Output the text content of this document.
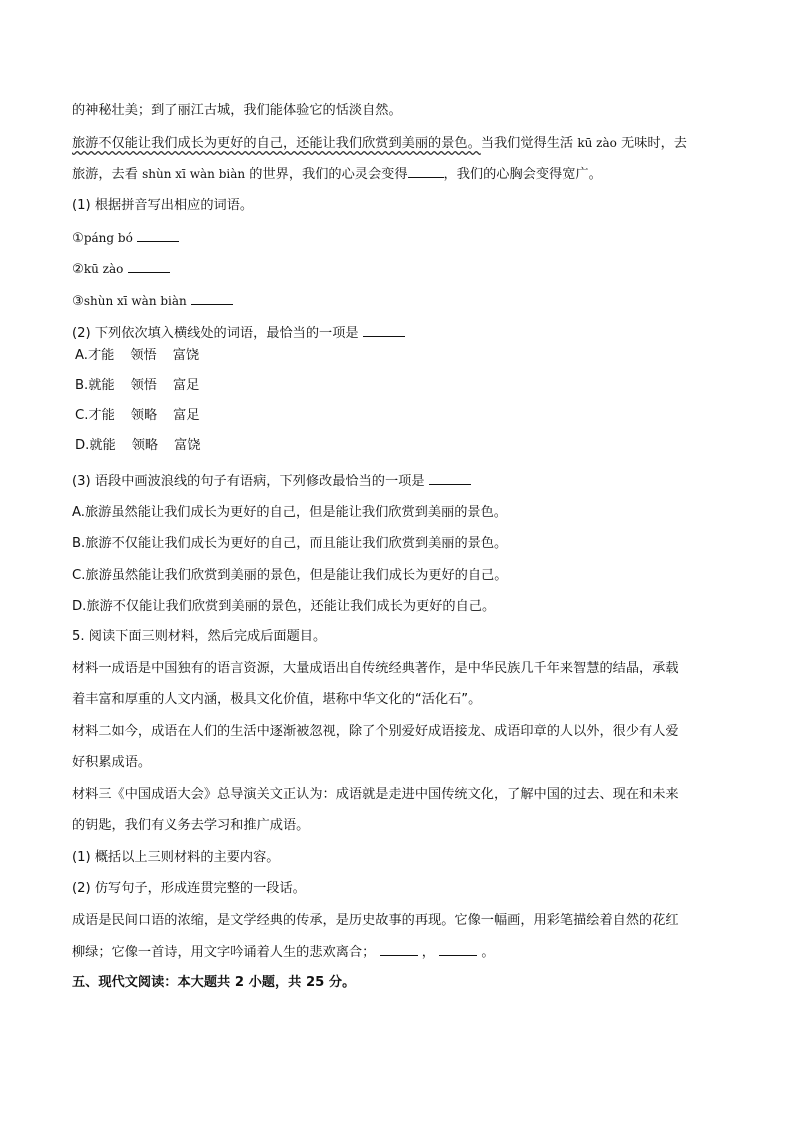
的神秘壮美；到了丽江古城，我们能体验它的恬淡自然。
旅游不仅能让我们成长为更好的自己，还能让我们欣赏到美丽的景色。当我们觉得生活 kū zào 无味时，去
旅游，去看 shùn xī wàn biàn 的世界，我们的心灵会变得	，我们的心胸会变得宽广。
(1) 根据拼音写出相应的词语。
①páng bó
②kū zào
③shùn xī wàn biàn
(2) 下列依次填入横线处的词语，最恰当的一项是
A.才能 领悟 富饶
B.就能 领悟 富足
C.才能 领略 富足
D.就能 领略 富饶
(3) 语段中画波浪线的句子有语病，下列修改最恰当的一项是
A.旅游虽然能让我们成长为更好的自己，但是能让我们欣赏到美丽的景色。
B.旅游不仅能让我们成长为更好的自己，而且能让我们欣赏到美丽的景色。
C.旅游虽然能让我们欣赏到美丽的景色，但是能让我们成长为更好的自己。
D.旅游不仅能让我们欣赏到美丽的景色，还能让我们成长为更好的自己。
5. 阅读下面三则材料，然后完成后面题目。
材料一成语是中国独有的语言资源，大量成语出自传统经典著作，是中华民族几千年来智慧的结晶，承载
着丰富和厚重的人文内涵，极具文化价值，堪称中华文化的“活化石”。
材料二如今，成语在人们的生活中逐渐被忽视，除了个别爱好成语接龙、成语印章的人以外，很少有人爱
好积累成语。
材料三《中国成语大会》总导演关文正认为：成语就是走进中国传统文化，了解中国的过去、现在和未来
的钥匙，我们有义务去学习和推广成语。
(1) 概括以上三则材料的主要内容。
(2) 仿写句子，形成连贯完整的一段话。
成语是民间口语的浓缩，是文学经典的传承，是历史故事的再现。它像一幅画，用彩笔描绘着自然的花红
柳绿；它像一首诗，用文字吟诵着人生的悲欢离合；	，	。
五、现代文阅读：本大题共 2 小题，共 25 分。
